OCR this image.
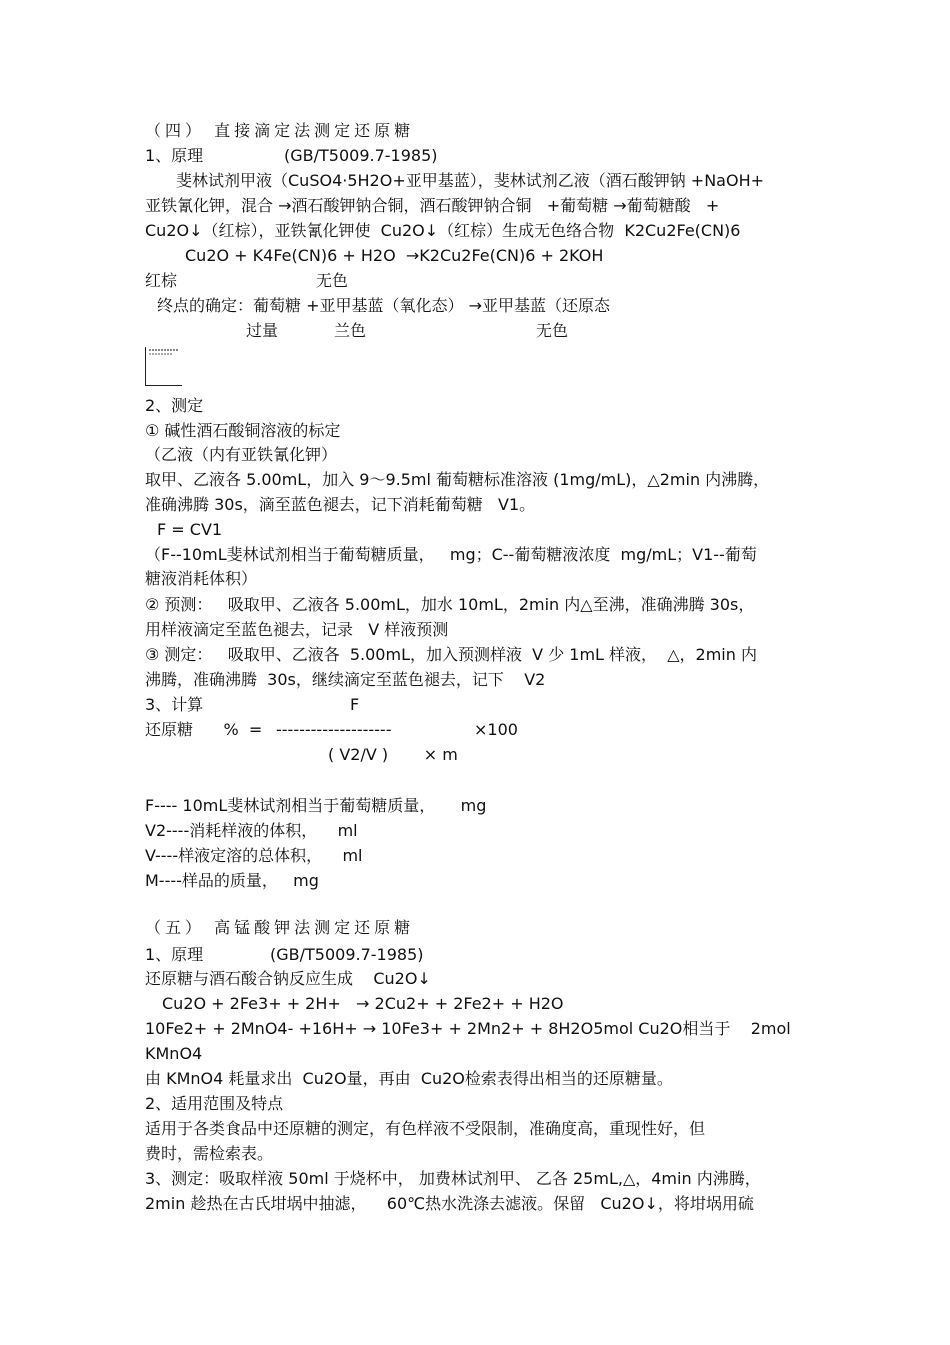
（四） 直接滴定法测定还原糖
1、原理	(GB/T5009.7-1985)
斐林试剂甲液（CuSO4·5H2O+亚甲基蓝），斐林试剂乙液（酒石酸钾钠 +NaOH+
亚铁氰化钾，混合 →酒石酸钾钠合铜，酒石酸钾钠合铜   +葡萄糖 →葡萄糖酸   +
Cu2O↓（红棕），亚铁氰化钾使  Cu2O↓（红棕）生成无色络合物  K2Cu2Fe(CN)6
Cu2O + K4Fe(CN)6 + H2O  →K2Cu2Fe(CN)6 + 2KOH
红棕	无色
终点的确定：葡萄糖 +亚甲基蓝（氧化态） →亚甲基蓝（还原态
过量	兰色	无色
2、测定
① 碱性酒石酸铜溶液的标定
（乙液（内有亚铁氰化钾）
取甲、乙液各 5.00mL，加入 9～9.5ml 葡萄糖标准溶液 (1mg/mL)，△2min 内沸腾，
准确沸腾 30s，滴至蓝色褪去，记下消耗葡萄糖   V1。
F = CV1
（F--10mL斐林试剂相当于葡萄糖质量，   mg；C--葡萄糖液浓度  mg/mL；V1--葡萄
糖液消耗体积）
② 预测：   吸取甲、乙液各 5.00mL，加水 10mL，2min 内△至沸，准确沸腾 30s，
用样液滴定至蓝色褪去，记录   V 样液预测
③ 测定：   吸取甲、乙液各  5.00mL，加入预测样液  V 少 1mL 样液，  △，2min 内
沸腾，准确沸腾  30s，继续滴定至蓝色褪去，记下    V2
3、计算	F
还原糖      %  = --------------------	×100
( V2/V )       × m
F---- 10mL斐林试剂相当于葡萄糖质量，     mg
V2----消耗样液的体积，    ml
V----样液定溶的总体积，    ml
M----样品的质量，   mg
（五） 高锰酸钾法测定还原糖
1、原理	(GB/T5009.7-1985)
还原糖与酒石酸合钠反应生成    Cu2O↓
Cu2O + 2Fe3+ + 2H+   → 2Cu2+ + 2Fe2+ + H2O
10Fe2+ + 2MnO4- +16H+ → 10Fe3+ + 2Mn2+ + 8H2O5mol Cu2O相当于    2mol
KMnO4
由 KMnO4 耗量求出  Cu2O量，再由  Cu2O检索表得出相当的还原糖量。
2、适用范围及特点
适用于各类食品中还原糖的测定，有色样液不受限制，准确度高，重现性好，但
费时，需检索表。
3、测定：吸取样液 50ml 于烧杯中， 加费林试剂甲、 乙各 25mL,△，4min 内沸腾，
2min 趁热在古氏坩埚中抽滤，    60℃热水洗涤去滤液。保留   Cu2O↓，将坩埚用硫
